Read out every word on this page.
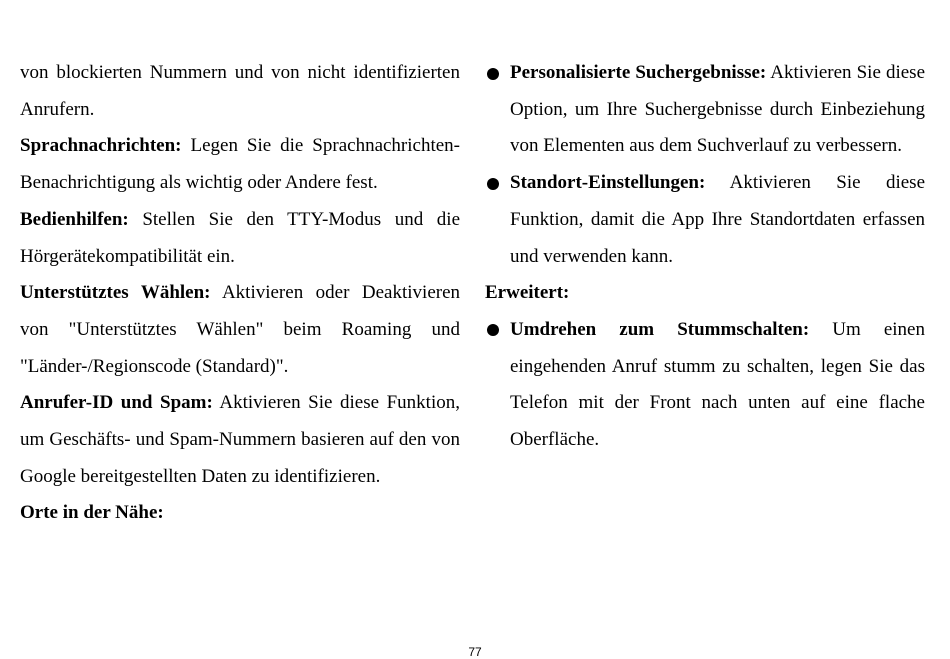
von blockierten Nummern und von nicht identifizierten Anrufern.

Sprachnachrichten: Legen Sie die Sprachnachrichten-Benachrichtigung als wichtig oder Andere fest.

Bedienhilfen: Stellen Sie den TTY-Modus und die Hörgerätekompatibilität ein.

Unterstütztes Wählen: Aktivieren oder Deaktivieren von "Unterstütztes Wählen" beim Roaming und "Länder-/Regionscode (Standard)".

Anrufer-ID und Spam: Aktivieren Sie diese Funktion, um Geschäfts- und Spam-Nummern basieren auf den von Google bereitgestellten Daten zu identifizieren.

Orte in der Nähe:

Personalisierte Suchergebnisse: Aktivieren Sie diese Option, um Ihre Suchergebnisse durch Einbeziehung von Elementen aus dem Suchverlauf zu verbessern.

Standort-Einstellungen: Aktivieren Sie diese Funktion, damit die App Ihre Standortdaten erfassen und verwenden kann.

Erweitert:

Umdrehen zum Stummschalten: Um einen eingehenden Anruf stumm zu schalten, legen Sie das Telefon mit der Front nach unten auf eine flache Oberfläche.

77
